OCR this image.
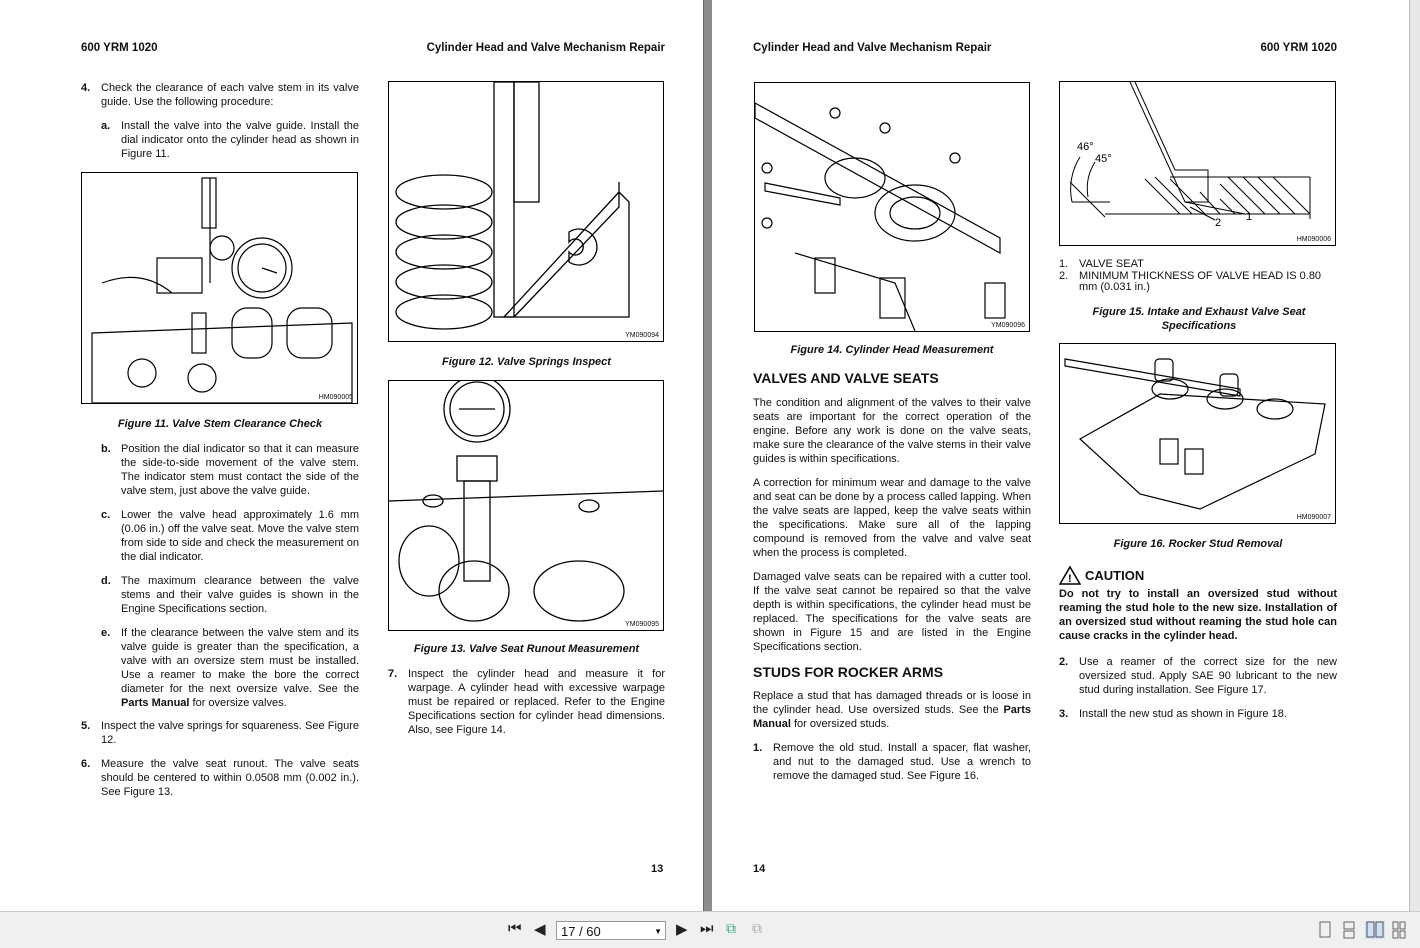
600 YRM 1020	Cylinder Head and Valve Mechanism Repair
4. Check the clearance of each valve stem in its valve guide. Use the following procedure:
a. Install the valve into the valve guide. Install the dial indicator onto the cylinder head as shown in Figure 11.
HM090005
Figure 11. Valve Stem Clearance Check
b. Position the dial indicator so that it can measure the side-to-side movement of the valve stem. The indicator stem must contact the side of the valve stem, just above the valve guide.
c. Lower the valve head approximately 1.6 mm (0.06 in.) off the valve seat. Move the valve stem from side to side and check the measurement on the dial indicator.
d. The maximum clearance between the valve stems and their valve guides is shown in the Engine Specifications section.
e. If the clearance between the valve stem and its valve guide is greater than the specification, a valve with an oversize stem must be installed. Use a reamer to make the bore the correct diameter for the next oversize valve. See the Parts Manual for oversize valves.
5. Inspect the valve springs for squareness. See Figure 12.
6. Measure the valve seat runout. The valve seats should be centered to within 0.0508 mm (0.002 in.). See Figure 13.
YM090094
Figure 12. Valve Springs Inspect
YM090095
Figure 13. Valve Seat Runout Measurement
7. Inspect the cylinder head and measure it for warpage. A cylinder head with excessive warpage must be repaired or replaced. Refer to the Engine Specifications section for cylinder head dimensions. Also, see Figure 14.
13
Cylinder Head and Valve Mechanism Repair	600 YRM 1020
YM090096
Figure 14. Cylinder Head Measurement
VALVES AND VALVE SEATS
The condition and alignment of the valves to their valve seats are important for the correct operation of the engine. Before any work is done on the valve seats, make sure the clearance of the valve stems in their valve guides is within specifications.
A correction for minimum wear and damage to the valve and seat can be done by a process called lapping. When the valve seats are lapped, keep the valve seats within the specifications. Make sure all of the lapping compound is removed from the valve and valve seat when the process is completed.
Damaged valve seats can be repaired with a cutter tool. If the valve seat cannot be repaired so that the valve depth is within specifications, the cylinder head must be replaced. The specifications for the valve seats are shown in Figure 15 and are listed in the Engine Specifications section.
STUDS FOR ROCKER ARMS
Replace a stud that has damaged threads or is loose in the cylinder head. Use oversized studs. See the Parts Manual for oversized studs.
1. Remove the old stud. Install a spacer, flat washer, and nut to the damaged stud. Use a wrench to remove the damaged stud. See Figure 16.
46°
45°
1
2
HM090006
1. VALVE SEAT
2. MINIMUM THICKNESS OF VALVE HEAD IS 0.80 mm (0.031 in.)
Figure 15. Intake and Exhaust Valve Seat Specifications
HM090007
Figure 16. Rocker Stud Removal
! CAUTION
Do not try to install an oversized stud without reaming the stud hole to the new size. Installation of an oversized stud without reaming the stud hole can cause cracks in the cylinder head.
2. Use a reamer of the correct size for the new oversized stud. Apply SAE 90 lubricant to the new stud during installation. See Figure 17.
3. Install the new stud as shown in Figure 18.
14
⏮ ◀	17 / 60	▼ ▶ ⏭ ⧉ ⧉
